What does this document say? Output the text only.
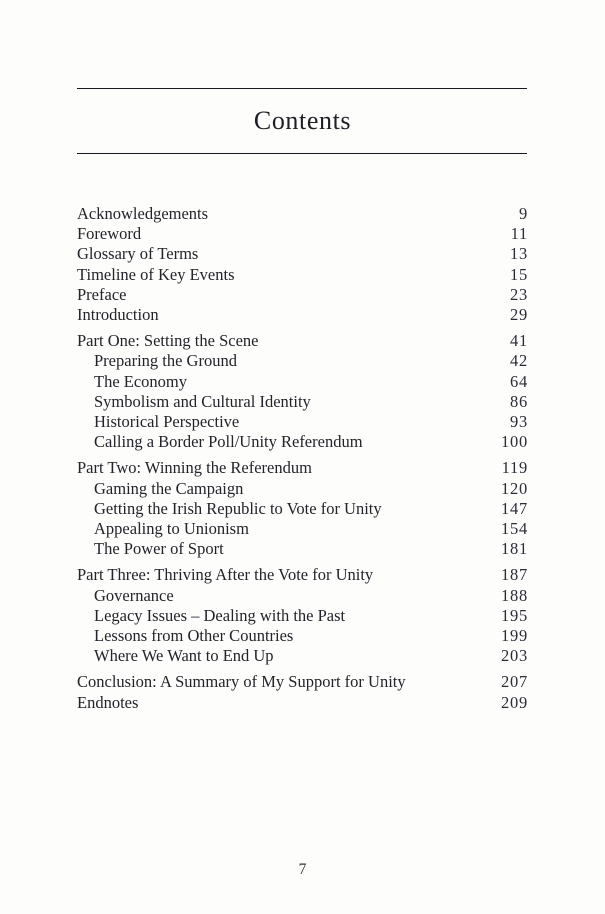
Contents
Acknowledgements	9
Foreword	11
Glossary of Terms	13
Timeline of Key Events	15
Preface	23
Introduction	29
Part One: Setting the Scene	41
Preparing the Ground	42
The Economy	64
Symbolism and Cultural Identity	86
Historical Perspective	93
Calling a Border Poll/Unity Referendum	100
Part Two: Winning the Referendum	119
Gaming the Campaign	120
Getting the Irish Republic to Vote for Unity	147
Appealing to Unionism	154
The Power of Sport	181
Part Three: Thriving After the Vote for Unity	187
Governance	188
Legacy Issues – Dealing with the Past	195
Lessons from Other Countries	199
Where We Want to End Up	203
Conclusion: A Summary of My Support for Unity	207
Endnotes	209
7
